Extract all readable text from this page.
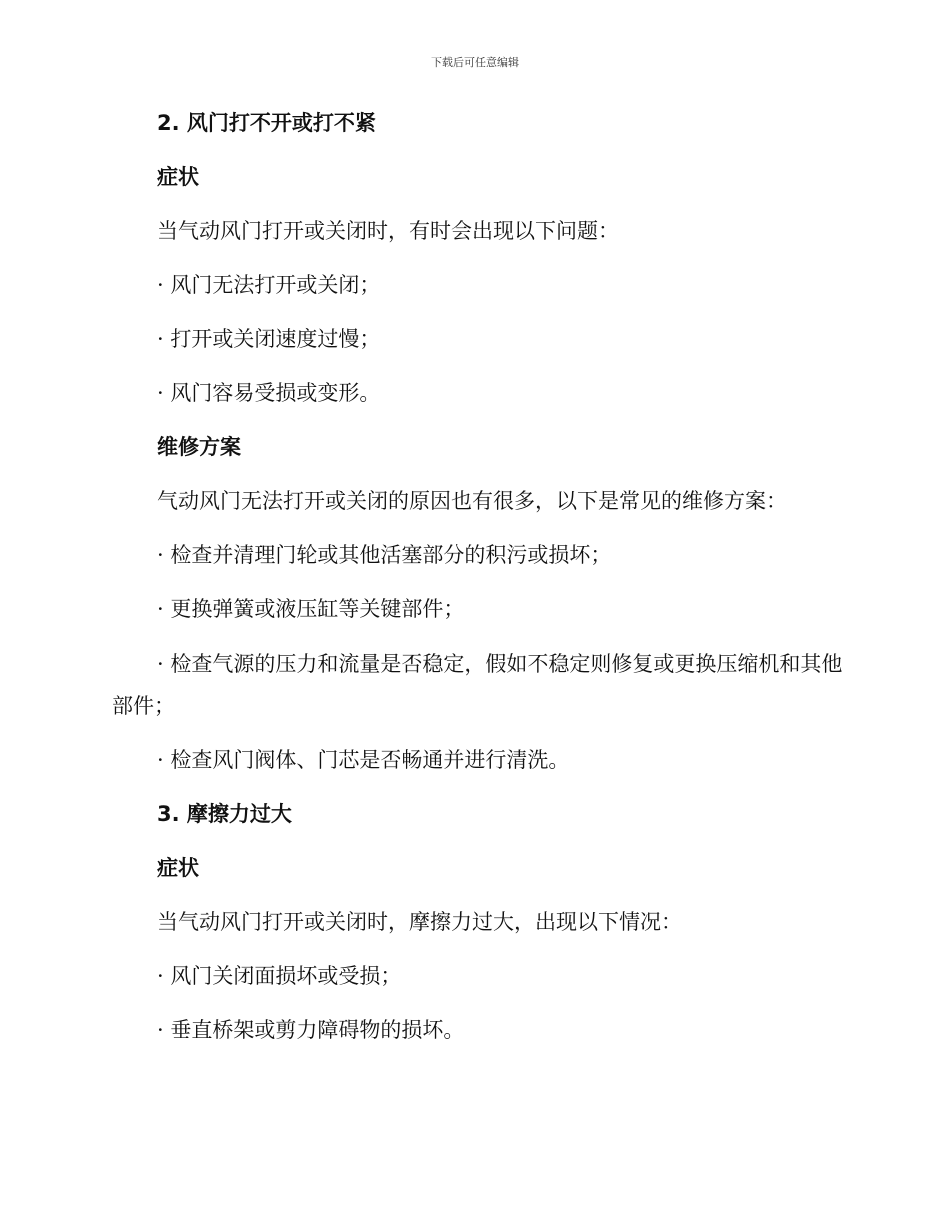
下载后可任意编辑

2. 风门打不开或打不紧

症状

当气动风门打开或关闭时，有时会出现以下问题：

· 风门无法打开或关闭；

· 打开或关闭速度过慢；

· 风门容易受损或变形。

维修方案

气动风门无法打开或关闭的原因也有很多，以下是常见的维修方案：

· 检查并清理门轮或其他活塞部分的积污或损坏；

· 更换弹簧或液压缸等关键部件；

· 检查气源的压力和流量是否稳定，假如不稳定则修复或更换压缩机和其他部件；

· 检查风门阀体、门芯是否畅通并进行清洗。

3. 摩擦力过大

症状

当气动风门打开或关闭时，摩擦力过大，出现以下情况：

· 风门关闭面损坏或受损；

· 垂直桥架或剪力障碍物的损坏。
